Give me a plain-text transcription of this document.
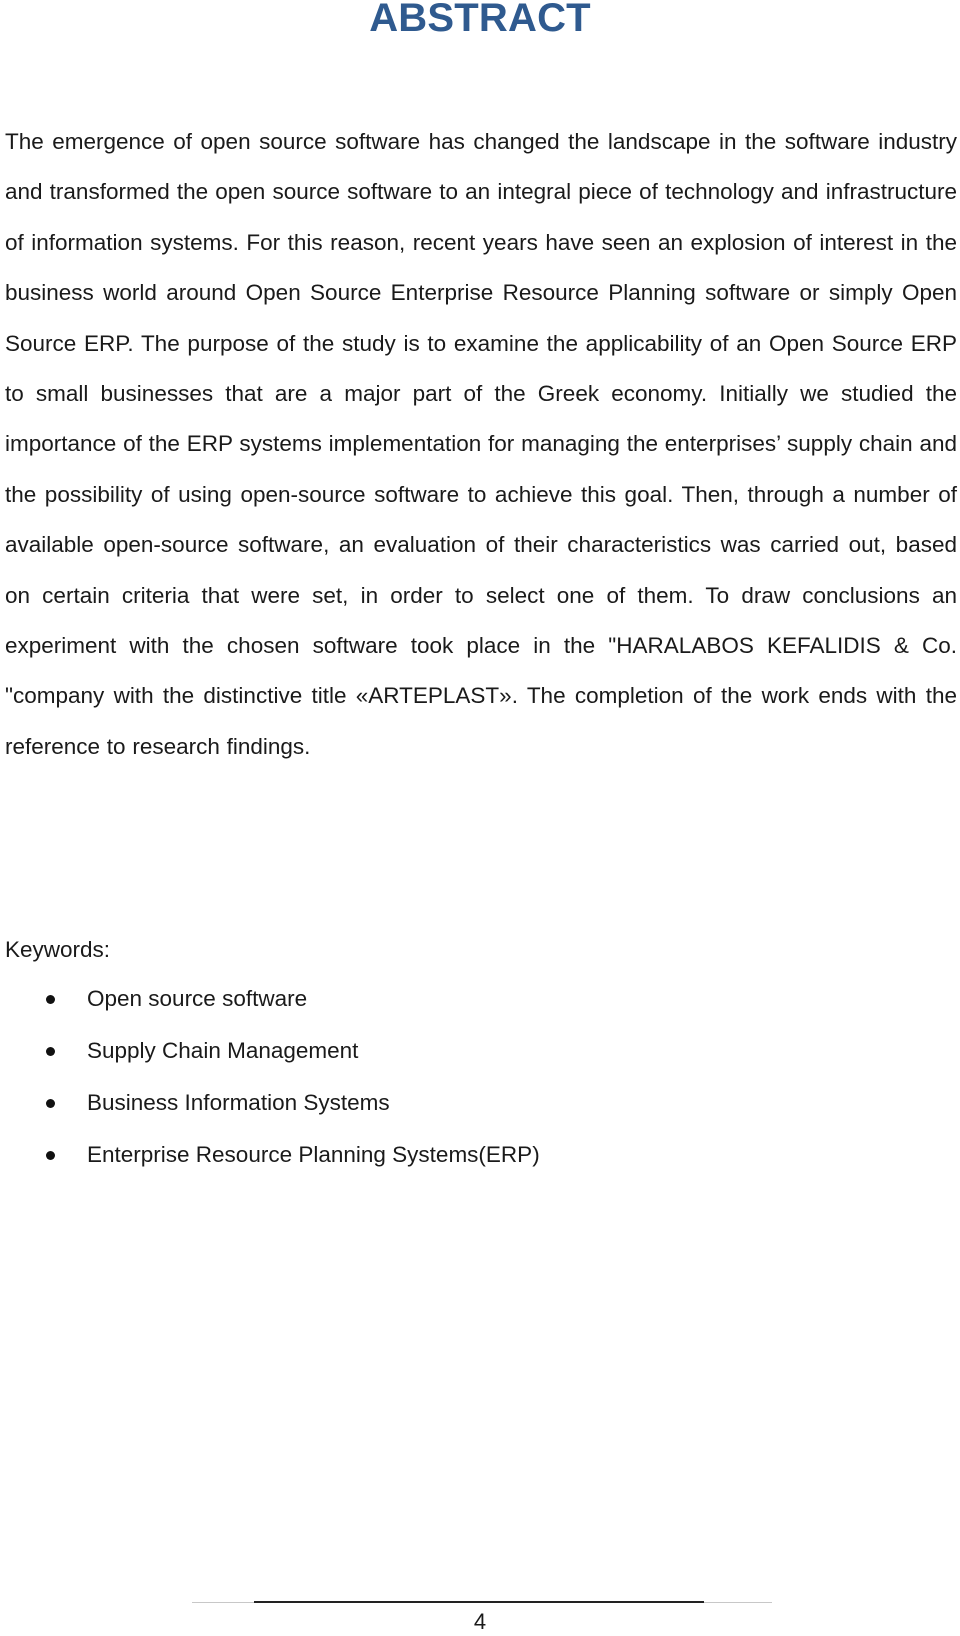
ABSTRACT

The emergence of open source software has changed the landscape in the software industry and transformed the open source software to an integral piece of technology and infrastructure of information systems. For this reason, recent years have seen an explosion of interest in the business world around Open Source Enterprise Resource Planning software or simply Open Source ERP. The purpose of the study is to examine the applicability of an Open Source ERP to small businesses that are a major part of the Greek economy. Initially we studied the importance of the ERP systems implementation for managing the enterprises’ supply chain and the possibility of using open-source software to achieve this goal. Then, through a number of available open-source software, an evaluation of their characteristics was carried out, based on certain criteria that were set, in order to select one of them. To draw conclusions an experiment with the chosen software took place in the "HARALABOS KEFALIDIS & Co. "company with the distinctive title «ARTEPLAST». The completion of the work ends with the reference to research findings.

Keywords:

Open source software
Supply Chain Management
Business Information Systems
Enterprise Resource Planning Systems(ERP)

4
